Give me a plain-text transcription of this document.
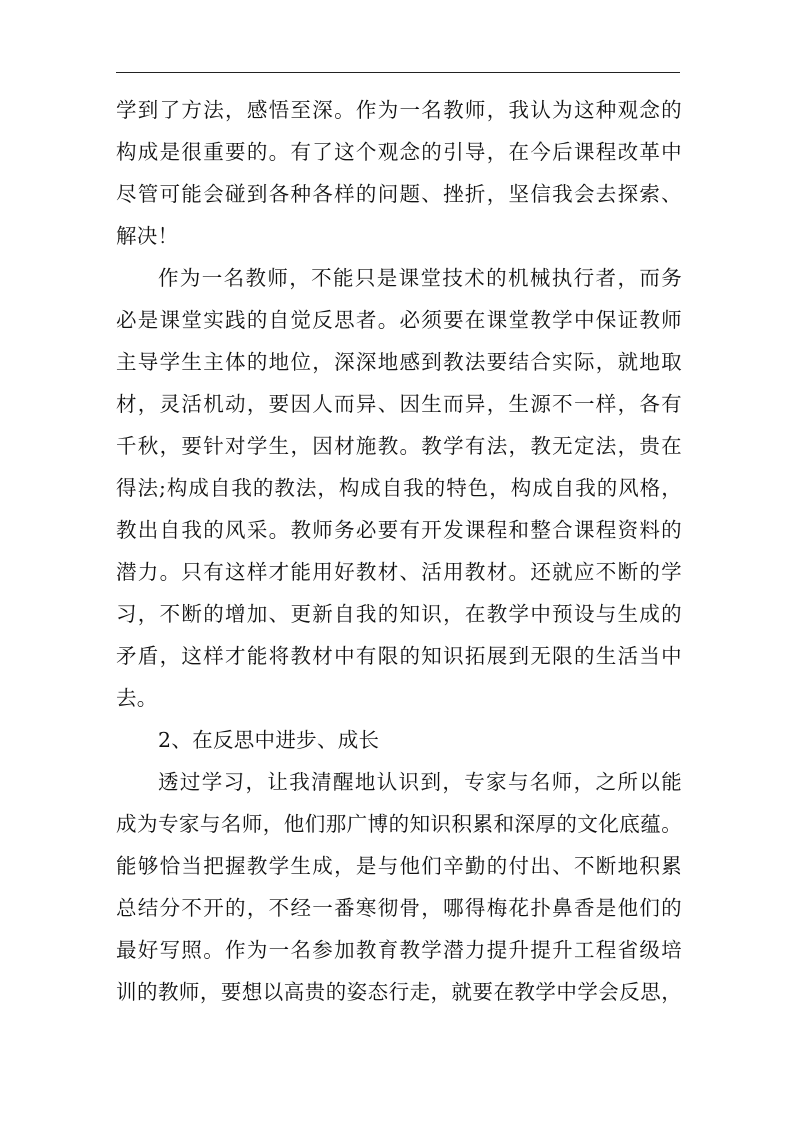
学到了方法，感悟至深。作为一名教师，我认为这种观念的
构成是很重要的。有了这个观念的引导，在今后课程改革中
尽管可能会碰到各种各样的问题、挫折，坚信我会去探索、
解决！
作为一名教师，不能只是课堂技术的机械执行者，而务
必是课堂实践的自觉反思者。必须要在课堂教学中保证教师
主导学生主体的地位，深深地感到教法要结合实际，就地取
材，灵活机动，要因人而异、因生而异，生源不一样，各有
千秋，要针对学生，因材施教。教学有法，教无定法，贵在
得法;构成自我的教法，构成自我的特色，构成自我的风格，
教出自我的风采。教师务必要有开发课程和整合课程资料的
潜力。只有这样才能用好教材、活用教材。还就应不断的学
习，不断的增加、更新自我的知识，在教学中预设与生成的
矛盾，这样才能将教材中有限的知识拓展到无限的生活当中
去。
2、在反思中进步、成长
透过学习，让我清醒地认识到，专家与名师，之所以能
成为专家与名师，他们那广博的知识积累和深厚的文化底蕴。
能够恰当把握教学生成，是与他们辛勤的付出、不断地积累
总结分不开的，不经一番寒彻骨，哪得梅花扑鼻香是他们的
最好写照。作为一名参加教育教学潜力提升提升工程省级培
训的教师，要想以高贵的姿态行走，就要在教学中学会反思，
